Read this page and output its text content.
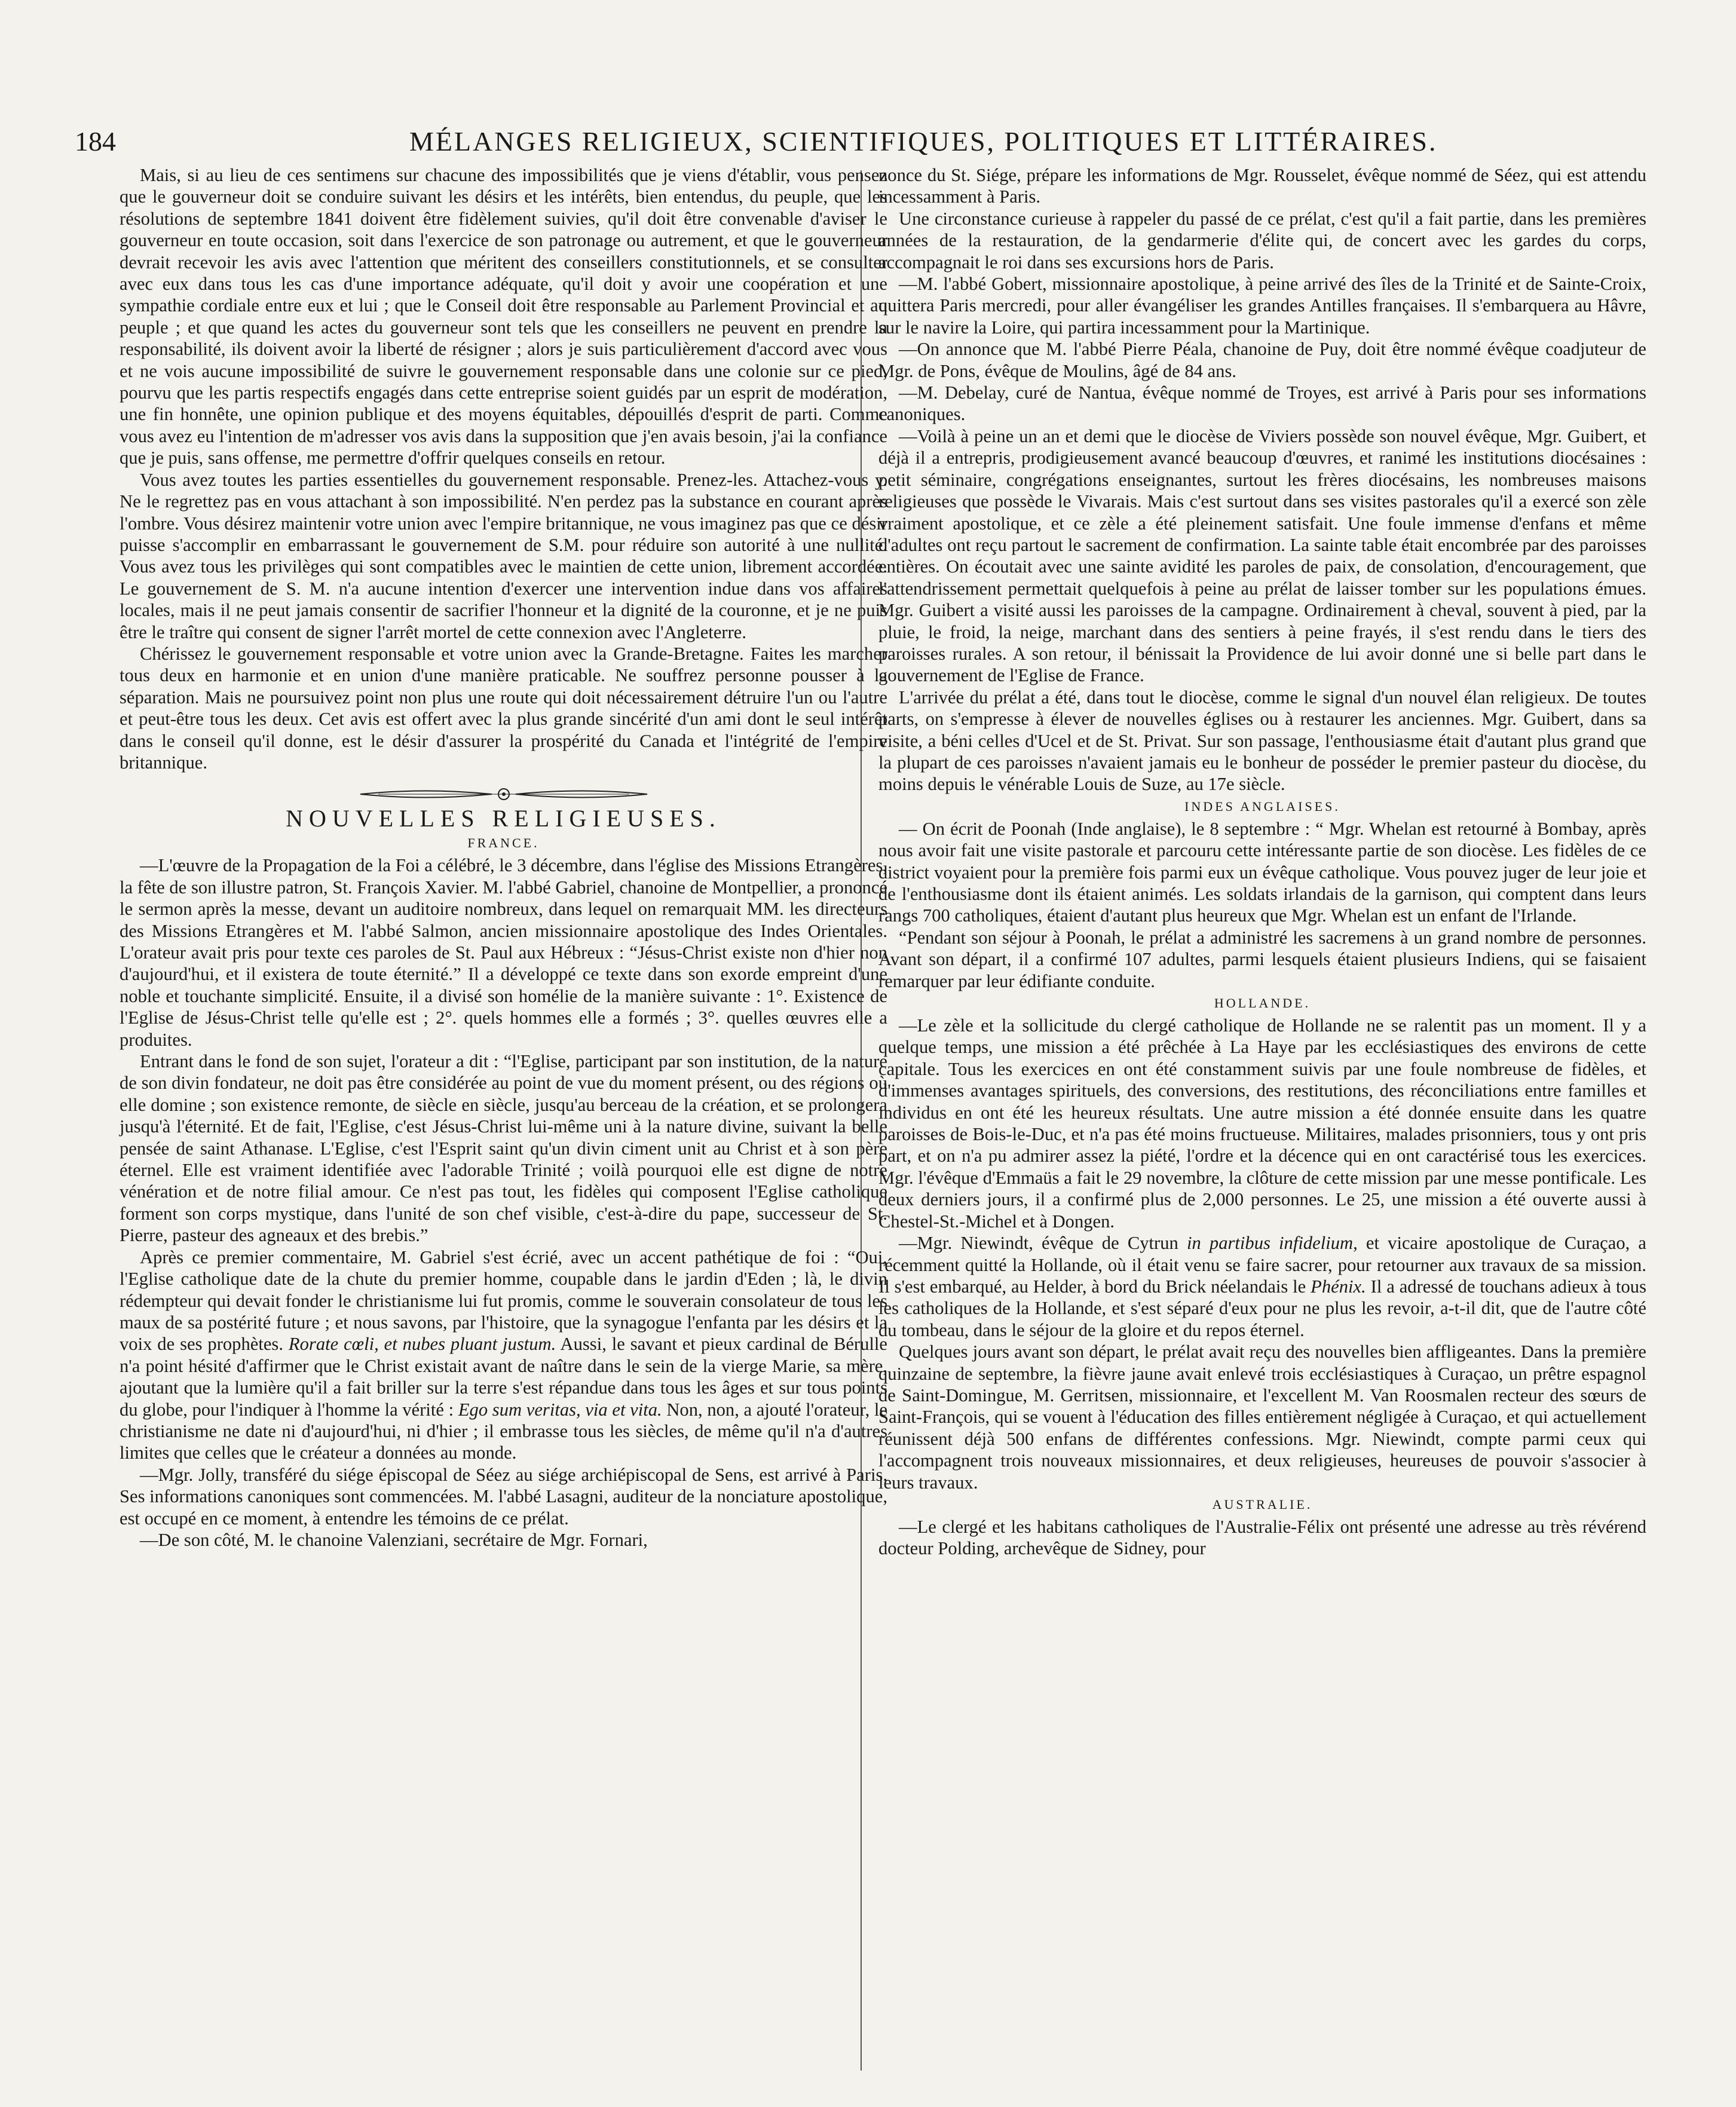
184	MÉLANGES RELIGIEUX, SCIENTIFIQUES, POLITIQUES ET LITTÉRAIRES.

Mais, si au lieu de ces sentimens sur chacune des impossibilités que je viens d'établir, vous pensez que le gouverneur doit se conduire suivant les désirs et les intérêts, bien entendus, du peuple, que les résolutions de septembre 1841 doivent être fidèlement suivies, qu'il doit être convenable d'aviser le gouverneur en toute occasion, soit dans l'exercice de son patronage ou autrement, et que le gouverneur devrait recevoir les avis avec l'attention que méritent des conseillers constitutionnels, et se consulter avec eux dans tous les cas d'une importance adéquate, qu'il doit y avoir une coopération et une sympathie cordiale entre eux et lui ; que le Conseil doit être responsable au Parlement Provincial et au peuple ; et que quand les actes du gouverneur sont tels que les conseillers ne peuvent en prendre la responsabilité, ils doivent avoir la liberté de résigner ; alors je suis particulièrement d'accord avec vous et ne vois aucune impossibilité de suivre le gouvernement responsable dans une colonie sur ce pied, pourvu que les partis respectifs engagés dans cette entreprise soient guidés par un esprit de modération, une fin honnête, une opinion publique et des moyens équitables, dépouillés d'esprit de parti. Comme vous avez eu l'intention de m'adresser vos avis dans la supposition que j'en avais besoin, j'ai la confiance que je puis, sans offense, me permettre d'offrir quelques conseils en retour.

Vous avez toutes les parties essentielles du gouvernement responsable. Prenez-les. Attachez-vous y. Ne le regrettez pas en vous attachant à son impossibilité. N'en perdez pas la substance en courant après l'ombre. Vous désirez maintenir votre union avec l'empire britannique, ne vous imaginez pas que ce désir puisse s'accomplir en embarrassant le gouvernement de S.M. pour réduire son autorité à une nullité. Vous avez tous les privilèges qui sont compatibles avec le maintien de cette union, librement accordée. Le gouvernement de S. M. n'a aucune intention d'exercer une intervention indue dans vos affaires locales, mais il ne peut jamais consentir de sacrifier l'honneur et la dignité de la couronne, et je ne puis être le traître qui consent de signer l'arrêt mortel de cette connexion avec l'Angleterre.

Chérissez le gouvernement responsable et votre union avec la Grande-Bretagne. Faites les marcher tous deux en harmonie et en union d'une manière praticable. Ne souffrez personne pousser à la séparation. Mais ne poursuivez point non plus une route qui doit nécessairement détruire l'un ou l'autre et peut-être tous les deux. Cet avis est offert avec la plus grande sincérité d'un ami dont le seul intérêt dans le conseil qu'il donne, est le désir d'assurer la prospérité du Canada et l'intégrité de l'empire britannique.

NOUVELLES RELIGIEUSES.
FRANCE.

—L'œuvre de la Propagation de la Foi a célébré, le 3 décembre, dans l'église des Missions Etrangères, la fête de son illustre patron, St. François Xavier. M. l'abbé Gabriel, chanoine de Montpellier, a prononcé le sermon après la messe, devant un auditoire nombreux, dans lequel on remarquait MM. les directeurs des Missions Etrangères et M. l'abbé Salmon, ancien missionnaire apostolique des Indes Orientales. L'orateur avait pris pour texte ces paroles de St. Paul aux Hébreux : “Jésus-Christ existe non d'hier non d'aujourd'hui, et il existera de toute éternité.” Il a développé ce texte dans son exorde empreint d'une noble et touchante simplicité. Ensuite, il a divisé son homélie de la manière suivante : 1°. Existence de l'Eglise de Jésus-Christ telle qu'elle est ; 2°. quels hommes elle a formés ; 3°. quelles œuvres elle a produites.

Entrant dans le fond de son sujet, l'orateur a dit : “l'Eglise, participant par son institution, de la nature de son divin fondateur, ne doit pas être considérée au point de vue du moment présent, ou des régions où elle domine ; son existence remonte, de siècle en siècle, jusqu'au berceau de la création, et se prolongera jusqu'à l'éternité. Et de fait, l'Eglise, c'est Jésus-Christ lui-même uni à la nature divine, suivant la belle pensée de saint Athanase. L'Eglise, c'est l'Esprit saint qu'un divin ciment unit au Christ et à son père éternel. Elle est vraiment identifiée avec l'adorable Trinité ; voilà pourquoi elle est digne de notre vénération et de notre filial amour. Ce n'est pas tout, les fidèles qui composent l'Eglise catholique forment son corps mystique, dans l'unité de son chef visible, c'est-à-dire du pape, successeur de St. Pierre, pasteur des agneaux et des brebis.”

Après ce premier commentaire, M. Gabriel s'est écrié, avec un accent pathétique de foi : “Oui, l'Eglise catholique date de la chute du premier homme, coupable dans le jardin d'Eden ; là, le divin rédempteur qui devait fonder le christianisme lui fut promis, comme le souverain consolateur de tous les maux de sa postérité future ; et nous savons, par l'histoire, que la synagogue l'enfanta par les désirs et la voix de ses prophètes. Rorate cœli, et nubes pluant justum. Aussi, le savant et pieux cardinal de Bérulle n'a point hésité d'affirmer que le Christ existait avant de naître dans le sein de la vierge Marie, sa mère, ajoutant que la lumière qu'il a fait briller sur la terre s'est répandue dans tous les âges et sur tous points du globe, pour l'indiquer à l'homme la vérité : Ego sum veritas, via et vita. Non, non, a ajouté l'orateur, le christianisme ne date ni d'aujourd'hui, ni d'hier ; il embrasse tous les siècles, de même qu'il n'a d'autres limites que celles que le créateur a données au monde.

—Mgr. Jolly, transféré du siége épiscopal de Séez au siége archiépiscopal de Sens, est arrivé à Paris. Ses informations canoniques sont commencées. M. l'abbé Lasagni, auditeur de la nonciature apostolique, est occupé en ce moment, à entendre les témoins de ce prélat.

—De son côté, M. le chanoine Valenziani, secrétaire de Mgr. Fornari,

nonce du St. Siége, prépare les informations de Mgr. Rousselet, évêque nommé de Séez, qui est attendu incessamment à Paris.

Une circonstance curieuse à rappeler du passé de ce prélat, c'est qu'il a fait partie, dans les premières années de la restauration, de la gendarmerie d'élite qui, de concert avec les gardes du corps, accompagnait le roi dans ses excursions hors de Paris.

—M. l'abbé Gobert, missionnaire apostolique, à peine arrivé des îles de la Trinité et de Sainte-Croix, quittera Paris mercredi, pour aller évangéliser les grandes Antilles françaises. Il s'embarquera au Hâvre, sur le navire la Loire, qui partira incessamment pour la Martinique.

—On annonce que M. l'abbé Pierre Péala, chanoine de Puy, doit être nommé évêque coadjuteur de Mgr. de Pons, évêque de Moulins, âgé de 84 ans.

—M. Debelay, curé de Nantua, évêque nommé de Troyes, est arrivé à Paris pour ses informations canoniques.

—Voilà à peine un an et demi que le diocèse de Viviers possède son nouvel évêque, Mgr. Guibert, et déjà il a entrepris, prodigieusement avancé beaucoup d'œuvres, et ranimé les institutions diocésaines : petit séminaire, congrégations enseignantes, surtout les frères diocésains, les nombreuses maisons religieuses que possède le Vivarais. Mais c'est surtout dans ses visites pastorales qu'il a exercé son zèle vraiment apostolique, et ce zèle a été pleinement satisfait. Une foule immense d'enfans et même d'adultes ont reçu partout le sacrement de confirmation. La sainte table était encombrée par des paroisses entières. On écoutait avec une sainte avidité les paroles de paix, de consolation, d'encouragement, que l'attendrissement permettait quelquefois à peine au prélat de laisser tomber sur les populations émues. Mgr. Guibert a visité aussi les paroisses de la campagne. Ordinairement à cheval, souvent à pied, par la pluie, le froid, la neige, marchant dans des sentiers à peine frayés, il s'est rendu dans le tiers des paroisses rurales. A son retour, il bénissait la Providence de lui avoir donné une si belle part dans le gouvernement de l'Eglise de France.

L'arrivée du prélat a été, dans tout le diocèse, comme le signal d'un nouvel élan religieux. De toutes parts, on s'empresse à élever de nouvelles églises ou à restaurer les anciennes. Mgr. Guibert, dans sa visite, a béni celles d'Ucel et de St. Privat. Sur son passage, l'enthousiasme était d'autant plus grand que la plupart de ces paroisses n'avaient jamais eu le bonheur de posséder le premier pasteur du diocèse, du moins depuis le vénérable Louis de Suze, au 17e siècle.

INDES ANGLAISES.

— On écrit de Poonah (Inde anglaise), le 8 septembre : “ Mgr. Whelan est retourné à Bombay, après nous avoir fait une visite pastorale et parcouru cette intéressante partie de son diocèse. Les fidèles de ce district voyaient pour la première fois parmi eux un évêque catholique. Vous pouvez juger de leur joie et de l'enthousiasme dont ils étaient animés. Les soldats irlandais de la garnison, qui comptent dans leurs rangs 700 catholiques, étaient d'autant plus heureux que Mgr. Whelan est un enfant de l'Irlande.

“Pendant son séjour à Poonah, le prélat a administré les sacremens à un grand nombre de personnes. Avant son départ, il a confirmé 107 adultes, parmi lesquels étaient plusieurs Indiens, qui se faisaient remarquer par leur édifiante conduite.

HOLLANDE.

—Le zèle et la sollicitude du clergé catholique de Hollande ne se ralentit pas un moment. Il y a quelque temps, une mission a été prêchée à La Haye par les ecclésiastiques des environs de cette capitale. Tous les exercices en ont été constamment suivis par une foule nombreuse de fidèles, et d'immenses avantages spirituels, des conversions, des restitutions, des réconciliations entre familles et individus en ont été les heureux résultats. Une autre mission a été donnée ensuite dans les quatre paroisses de Bois-le-Duc, et n'a pas été moins fructueuse. Militaires, malades prisonniers, tous y ont pris part, et on n'a pu admirer assez la piété, l'ordre et la décence qui en ont caractérisé tous les exercices. Mgr. l'évêque d'Emmaüs a fait le 29 novembre, la clôture de cette mission par une messe pontificale. Les deux derniers jours, il a confirmé plus de 2,000 personnes. Le 25, une mission a été ouverte aussi à Chestel-St.-Michel et à Dongen.

—Mgr. Niewindt, évêque de Cytrun in partibus infidelium, et vicaire apostolique de Curaçao, a récemment quitté la Hollande, où il était venu se faire sacrer, pour retourner aux travaux de sa mission. Il s'est embarqué, au Helder, à bord du Brick néelandais le Phénix. Il a adressé de touchans adieux à tous les catholiques de la Hollande, et s'est séparé d'eux pour ne plus les revoir, a-t-il dit, que de l'autre côté du tombeau, dans le séjour de la gloire et du repos éternel.

Quelques jours avant son départ, le prélat avait reçu des nouvelles bien affligeantes. Dans la première quinzaine de septembre, la fièvre jaune avait enlevé trois ecclésiastiques à Curaçao, un prêtre espagnol de Saint-Domingue, M. Gerritsen, missionnaire, et l'excellent M. Van Roosmalen recteur des sœurs de Saint-François, qui se vouent à l'éducation des filles entièrement négligée à Curaçao, et qui actuellement réunissent déjà 500 enfans de différentes confessions. Mgr. Niewindt, compte parmi ceux qui l'accompagnent trois nouveaux missionnaires, et deux religieuses, heureuses de pouvoir s'associer à leurs travaux.

AUSTRALIE.

—Le clergé et les habitans catholiques de l'Australie-Félix ont présenté une adresse au très révérend docteur Polding, archevêque de Sidney, pour
